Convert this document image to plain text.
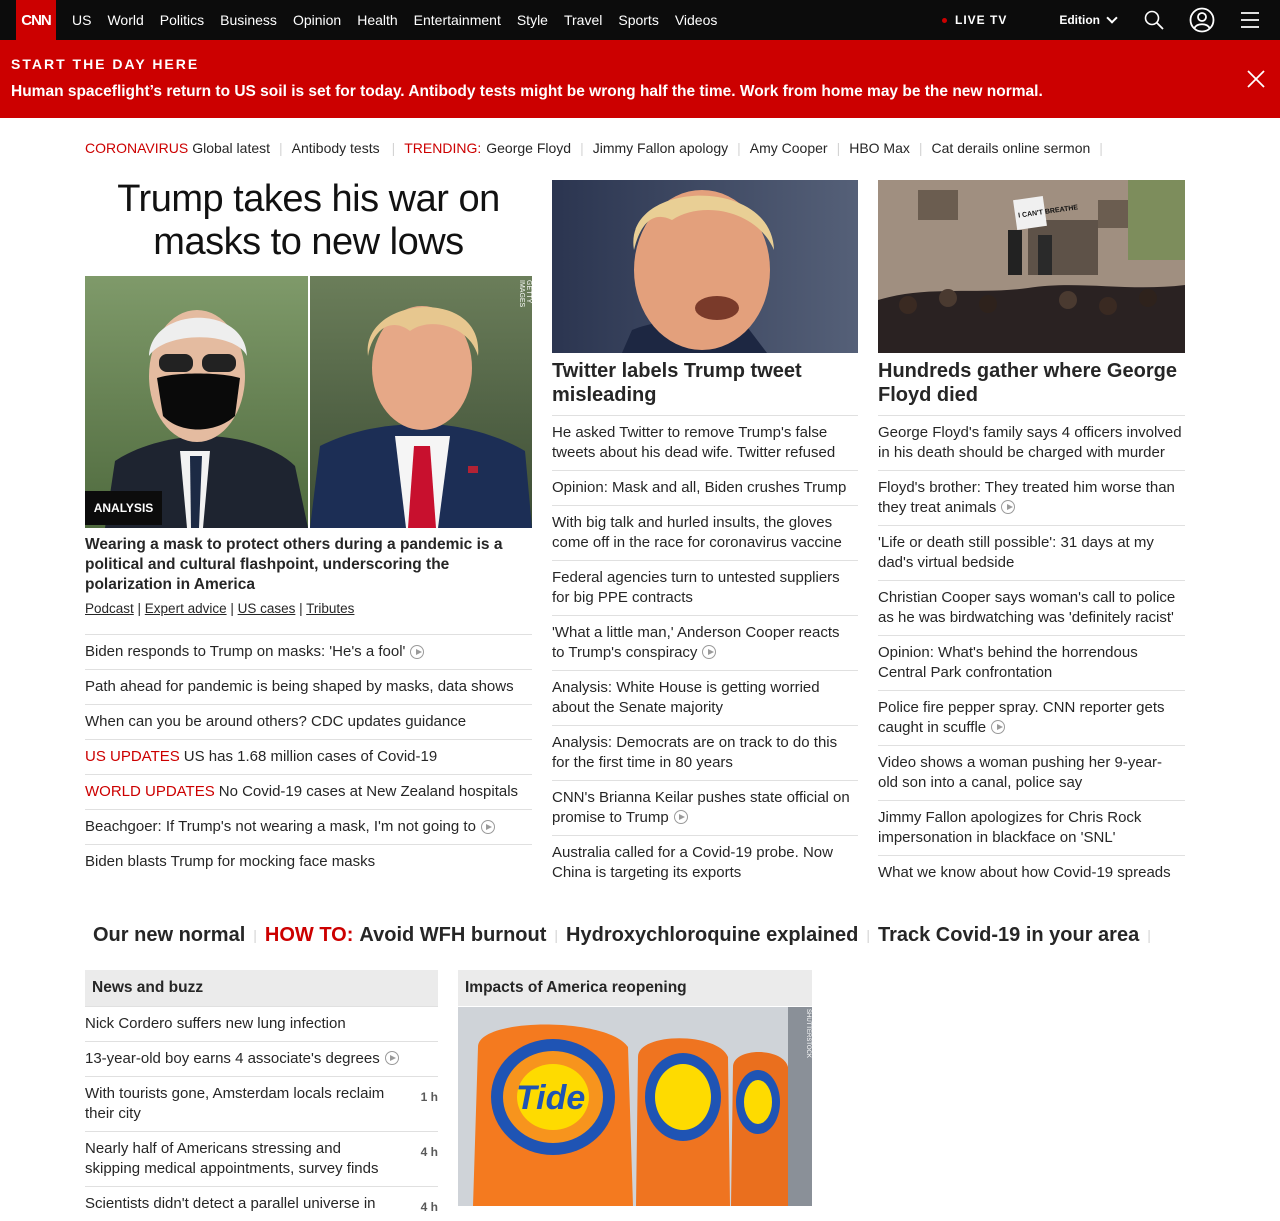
CNN	US World Politics Business Opinion Health Entertainment Style Travel Sports Videos	LIVE TV	Edition
START THE DAY HERE
Human spaceflight’s return to US soil is set for today. Antibody tests might be wrong half the time. Work from home may be the new normal.
CORONAVIRUS Global latest | Antibody tests | TRENDING: George Floyd | Jimmy Fallon apology | Amy Cooper | HBO Max | Cat derails online sermon |
Trump takes his war on masks to new lows
GETTY IMAGES
ANALYSIS
Wearing a mask to protect others during a pandemic is a political and cultural flashpoint, underscoring the polarization in America
Podcast | Expert advice | US cases | Tributes
Biden responds to Trump on masks: 'He's a fool'
Path ahead for pandemic is being shaped by masks, data shows
When can you be around others? CDC updates guidance
US UPDATES US has 1.68 million cases of Covid-19
WORLD UPDATES No Covid-19 cases at New Zealand hospitals
Beachgoer: If Trump's not wearing a mask, I'm not going to
Biden blasts Trump for mocking face masks
Twitter labels Trump tweet misleading
He asked Twitter to remove Trump's false
tweets about his dead wife. Twitter refused
Opinion: Mask and all, Biden crushes Trump
With big talk and hurled insults, the gloves
come off in the race for coronavirus vaccine
Federal agencies turn to untested suppliers
for big PPE contracts
'What a little man,' Anderson Cooper reacts
to Trump's conspiracy
Analysis: White House is getting worried
about the Senate majority
Analysis: Democrats are on track to do this
for the first time in 80 years
CNN's Brianna Keilar pushes state official on
promise to Trump
Australia called for a Covid-19 probe. Now
China is targeting its exports
I CAN'T BREATHE
Hundreds gather where George Floyd died
George Floyd's family says 4 officers involved
in his death should be charged with murder
Floyd's brother: They treated him worse than
they treat animals
'Life or death still possible': 31 days at my
dad's virtual bedside
Christian Cooper says woman's call to police
as he was birdwatching was 'definitely racist'
Opinion: What's behind the horrendous
Central Park confrontation
Police fire pepper spray. CNN reporter gets
caught in scuffle
Video shows a woman pushing her 9-year-
old son into a canal, police say
Jimmy Fallon apologizes for Chris Rock
impersonation in blackface on 'SNL'
What we know about how Covid-19 spreads
Our new normal | HOW TO: Avoid WFH burnout | Hydroxychloroquine explained | Track Covid-19 in your area |
News and buzz
Nick Cordero suffers new lung infection
13-year-old boy earns 4 associate's degrees
With tourists gone, Amsterdam locals reclaim
their city
1 h
Nearly half of Americans stressing and
skipping medical appointments, survey finds
4 h
Scientists didn't detect a parallel universe in	4 h
Impacts of America reopening
Tide
SHUTTERSTOCK
